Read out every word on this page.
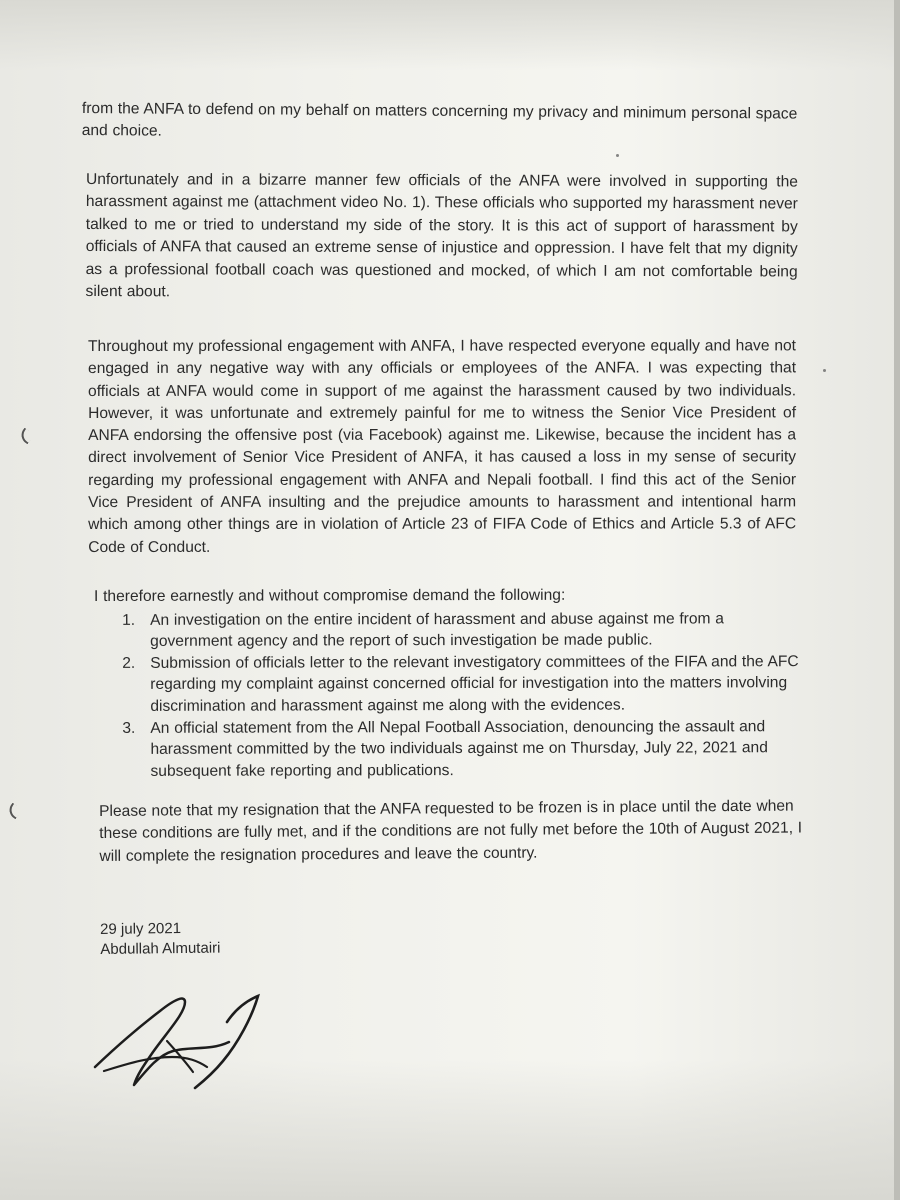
from the ANFA to defend on my behalf on matters concerning my privacy and minimum personal space and choice.

Unfortunately and in a bizarre manner few officials of the ANFA were involved in supporting the harassment against me (attachment video No. 1). These officials who supported my harassment never talked to me or tried to understand my side of the story. It is this act of support of harassment by officials of ANFA that caused an extreme sense of injustice and oppression. I have felt that my dignity as a professional football coach was questioned and mocked, of which I am not comfortable being silent about.

Throughout my professional engagement with ANFA, I have respected everyone equally and have not engaged in any negative way with any officials or employees of the ANFA. I was expecting that officials at ANFA would come in support of me against the harassment caused by two individuals. However, it was unfortunate and extremely painful for me to witness the Senior Vice President of ANFA endorsing the offensive post (via Facebook) against me. Likewise, because the incident has a direct involvement of Senior Vice President of ANFA, it has caused a loss in my sense of security regarding my professional engagement with ANFA and Nepali football. I find this act of the Senior Vice President of ANFA insulting and the prejudice amounts to harassment and intentional harm which among other things are in violation of Article 23 of FIFA Code of Ethics and Article 5.3 of AFC Code of Conduct.

I therefore earnestly and without compromise demand the following:

1. An investigation on the entire incident of harassment and abuse against me from a government agency and the report of such investigation be made public.
2. Submission of officials letter to the relevant investigatory committees of the FIFA and the AFC regarding my complaint against concerned official for investigation into the matters involving discrimination and harassment against me along with the evidences.
3. An official statement from the All Nepal Football Association, denouncing the assault and harassment committed by the two individuals against me on Thursday, July 22, 2021 and subsequent fake reporting and publications.

Please note that my resignation that the ANFA requested to be frozen is in place until the date when these conditions are fully met, and if the conditions are not fully met before the 10th of August 2021, I will complete the resignation procedures and leave the country.

29 july 2021
Abdullah Almutairi
